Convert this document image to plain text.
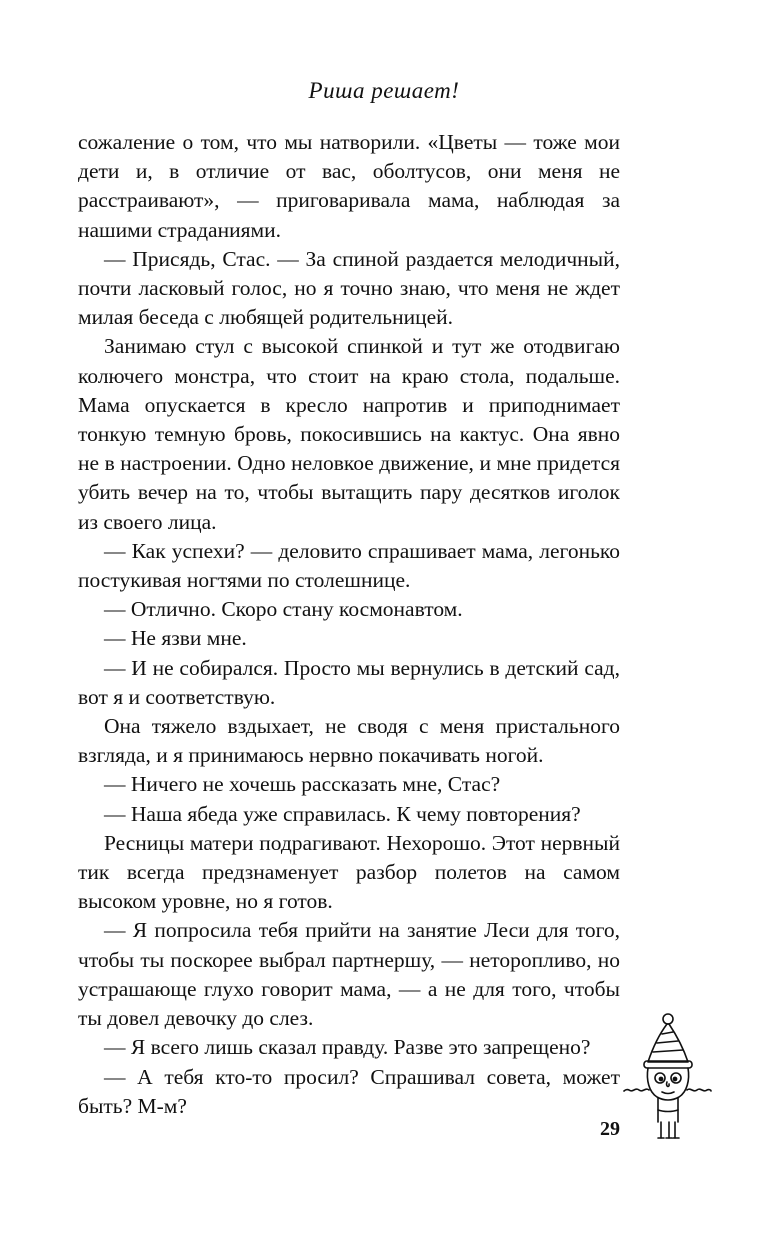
Риша решает!

сожаление о том, что мы натворили. «Цветы — тоже мои дети и, в отличие от вас, оболтусов, они меня не расстраивают», — приговаривала мама, наблюдая за нашими страданиями.

— Присядь, Стас. — За спиной раздается мелодичный, почти ласковый голос, но я точно знаю, что меня не ждет милая беседа с любящей родительницей.

Занимаю стул с высокой спинкой и тут же отодвигаю колючего монстра, что стоит на краю стола, подальше. Мама опускается в кресло напротив и приподнимает тонкую темную бровь, покосившись на кактус. Она явно не в настроении. Одно неловкое движение, и мне придется убить вечер на то, чтобы вытащить пару десятков иголок из своего лица.

— Как успехи? — деловито спрашивает мама, легонько постукивая ногтями по столешнице.

— Отлично. Скоро стану космонавтом.

— Не язви мне.

— И не собирался. Просто мы вернулись в детский сад, вот я и соответствую.

Она тяжело вздыхает, не сводя с меня пристального взгляда, и я принимаюсь нервно покачивать ногой.

— Ничего не хочешь рассказать мне, Стас?

— Наша ябеда уже справилась. К чему повторения?

Ресницы матери подрагивают. Нехорошо. Этот нервный тик всегда предзнаменует разбор полетов на самом высоком уровне, но я готов.

— Я попросила тебя прийти на занятие Леси для того, чтобы ты поскорее выбрал партнершу, — неторопливо, но устрашающе глухо говорит мама, — а не для того, чтобы ты довел девочку до слез.

— Я всего лишь сказал правду. Разве это запрещено?

— А тебя кто-то просил? Спрашивал совета, может быть? М-м?

29
